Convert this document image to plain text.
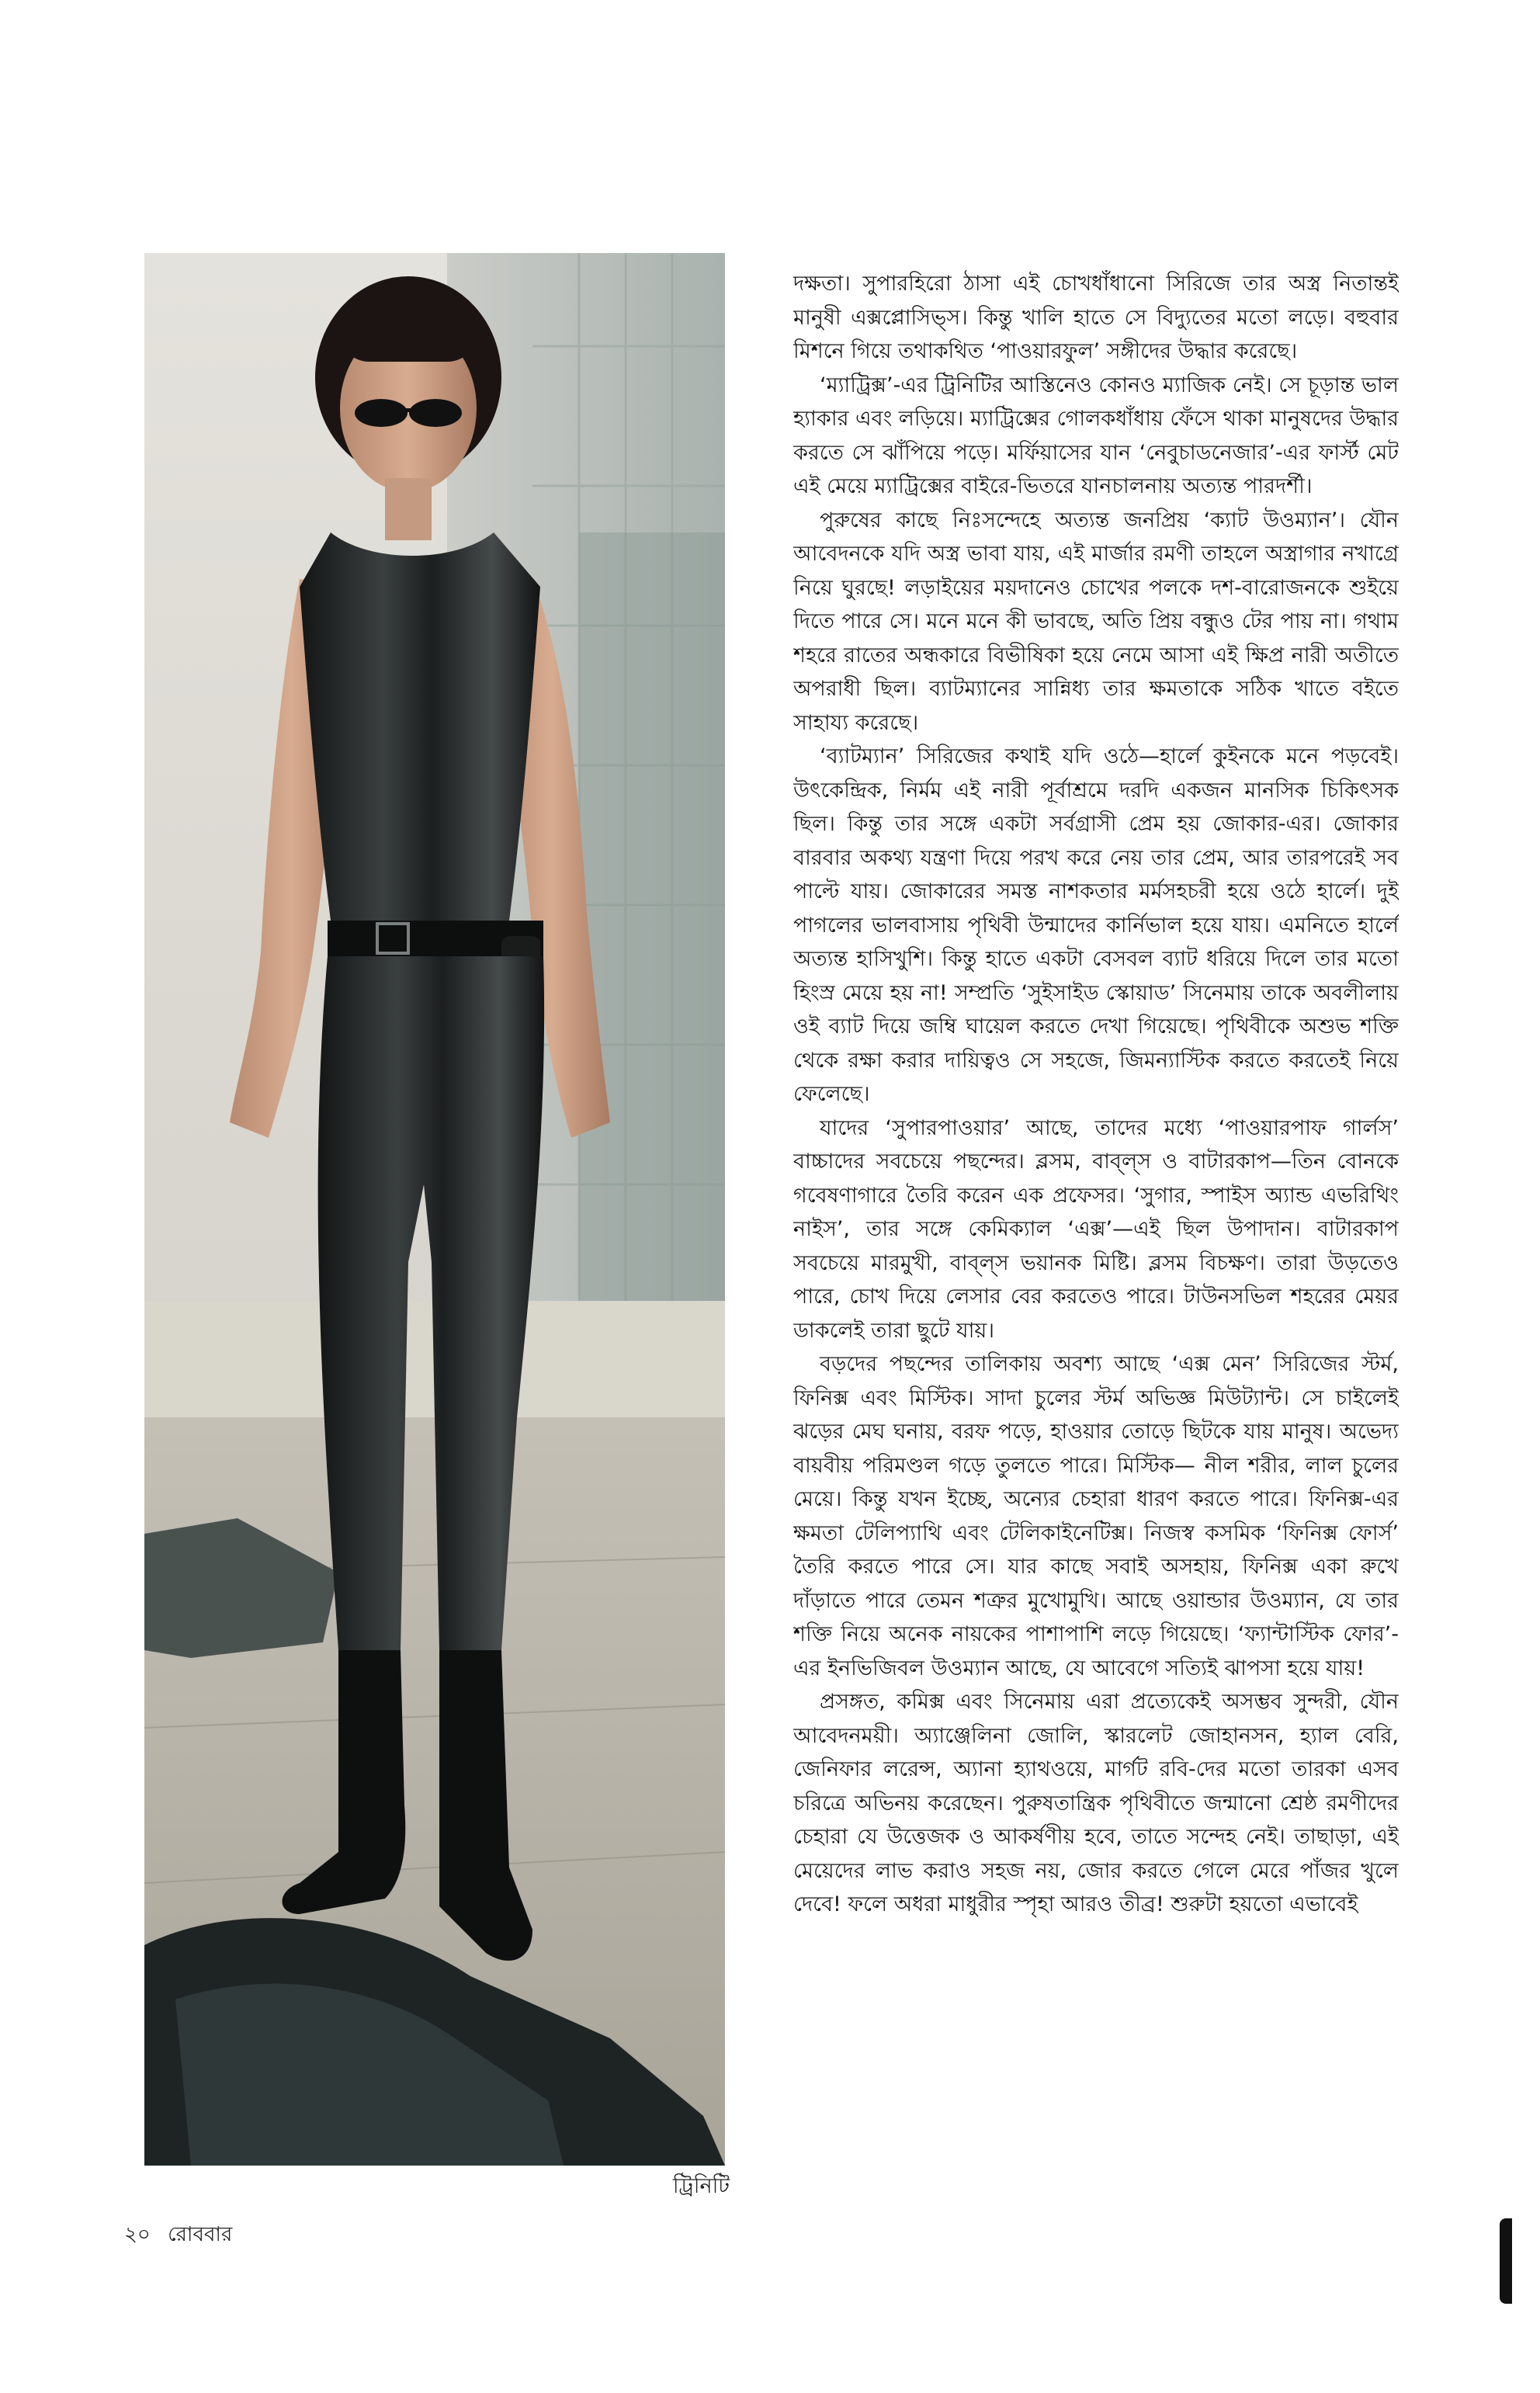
ট্রিনিটি

দক্ষতা। সুপারহিরো ঠাসা এই চোখধাঁধানো সিরিজে তার অস্ত্র নিতান্তই মানুষী এক্সপ্লোসিভ্স। কিন্তু খালি হাতে সে বিদ্যুতের মতো লড়ে। বহুবার মিশনে গিয়ে তথাকথিত ‘পাওয়ারফুল’ সঙ্গীদের উদ্ধার করেছে।

‘ম্যাট্রিক্স’-এর ট্রিনিটির আস্তিনেও কোনও ম্যাজিক নেই। সে চূড়ান্ত ভাল হ্যাকার এবং লড়িয়ে। ম্যাট্রিক্সের গোলকধাঁধায় ফেঁসে থাকা মানুষদের উদ্ধার করতে সে ঝাঁপিয়ে পড়ে। মর্ফিয়াসের যান ‘নেবুচাডনেজার’-এর ফার্স্ট মেট এই মেয়ে ম্যাট্রিক্সের বাইরে-ভিতরে যানচালনায় অত্যন্ত পারদর্শী।

পুরুষের কাছে নিঃসন্দেহে অত্যন্ত জনপ্রিয় ‘ক্যাট উওম্যান’। যৌন আবেদনকে যদি অস্ত্র ভাবা যায়, এই মার্জার রমণী তাহলে অস্ত্রাগার নখাগ্রে নিয়ে ঘুরছে! লড়াইয়ের ময়দানেও চোখের পলকে দশ-বারোজনকে শুইয়ে দিতে পারে সে। মনে মনে কী ভাবছে, অতি প্রিয় বন্ধুও টের পায় না। গথাম শহরে রাতের অন্ধকারে বিভীষিকা হয়ে নেমে আসা এই ক্ষিপ্র নারী অতীতে অপরাধী ছিল। ব্যাটম্যানের সান্নিধ্য তার ক্ষমতাকে সঠিক খাতে বইতে সাহায্য করেছে।

‘ব্যাটম্যান’ সিরিজের কথাই যদি ওঠে—হার্লে কুইনকে মনে পড়বেই। উৎকেন্দ্রিক, নির্মম এই নারী পূর্বাশ্রমে দরদি একজন মানসিক চিকিৎসক ছিল। কিন্তু তার সঙ্গে একটা সর্বগ্রাসী প্রেম হয় জোকার-এর। জোকার বারবার অকথ্য যন্ত্রণা দিয়ে পরখ করে নেয় তার প্রেম, আর তারপরেই সব পাল্টে যায়। জোকারের সমস্ত নাশকতার মর্মসহচরী হয়ে ওঠে হার্লে। দুই পাগলের ভালবাসায় পৃথিবী উন্মাদের কার্নিভাল হয়ে যায়। এমনিতে হার্লে অত্যন্ত হাসিখুশি। কিন্তু হাতে একটা বেসবল ব্যাট ধরিয়ে দিলে তার মতো হিংস্র মেয়ে হয় না! সম্প্রতি ‘সুইসাইড স্কোয়াড’ সিনেমায় তাকে অবলীলায় ওই ব্যাট দিয়ে জম্বি ঘায়েল করতে দেখা গিয়েছে। পৃথিবীকে অশুভ শক্তি থেকে রক্ষা করার দায়িত্বও সে সহজে, জিমন্যাস্টিক করতে করতেই নিয়ে ফেলেছে।

যাদের ‘সুপারপাওয়ার’ আছে, তাদের মধ্যে ‘পাওয়ারপাফ গার্লস’ বাচ্চাদের সবচেয়ে পছন্দের। ব্লসম, বাব্‌ল্স ও বাটারকাপ—তিন বোনকে গবেষণাগারে তৈরি করেন এক প্রফেসর। ‘সুগার, স্পাইস অ্যান্ড এভরিথিং নাইস’, তার সঙ্গে কেমিক্যাল ‘এক্স’—এই ছিল উপাদান। বাটারকাপ সবচেয়ে মারমুখী, বাব্‌ল্স ভয়ানক মিষ্টি। ব্লসম বিচক্ষণ। তারা উড়তেও পারে, চোখ দিয়ে লেসার বের করতেও পারে। টাউনসভিল শহরের মেয়র ডাকলেই তারা ছুটে যায়।

বড়দের পছন্দের তালিকায় অবশ্য আছে ‘এক্স মেন’ সিরিজের স্টর্ম, ফিনিক্স এবং মিস্টিক। সাদা চুলের স্টর্ম অভিজ্ঞ মিউট্যান্ট। সে চাইলেই ঝড়ের মেঘ ঘনায়, বরফ পড়ে, হাওয়ার তোড়ে ছিটকে যায় মানুষ। অভেদ্য বায়বীয় পরিমণ্ডল গড়ে তুলতে পারে। মিস্টিক— নীল শরীর, লাল চুলের মেয়ে। কিন্তু যখন ইচ্ছে, অন্যের চেহারা ধারণ করতে পারে। ফিনিক্স-এর ক্ষমতা টেলিপ্যাথি এবং টেলিকাইনেটিক্স। নিজস্ব কসমিক ‘ফিনিক্স ফোর্স’ তৈরি করতে পারে সে। যার কাছে সবাই অসহায়, ফিনিক্স একা রুখে দাঁড়াতে পারে তেমন শত্রুর মুখোমুখি। আছে ওয়ান্ডার উওম্যান, যে তার শক্তি নিয়ে অনেক নায়কের পাশাপাশি লড়ে গিয়েছে। ‘ফ্যান্টাস্টিক ফোর’-এর ইনভিজিবল উওম্যান আছে, যে আবেগে সত্যিই ঝাপসা হয়ে যায়!

প্রসঙ্গত, কমিক্স এবং সিনেমায় এরা প্রত্যেকেই অসম্ভব সুন্দরী, যৌন আবেদনময়ী। অ্যাঞ্জেলিনা জোলি, স্কারলেট জোহানসন, হ্যাল বেরি, জেনিফার লরেন্স, অ্যানা হ্যাথওয়ে, মার্গট রবি-দের মতো তারকা এসব চরিত্রে অভিনয় করেছেন। পুরুষতান্ত্রিক পৃথিবীতে জন্মানো শ্রেষ্ঠ রমণীদের চেহারা যে উত্তেজক ও আকর্ষণীয় হবে, তাতে সন্দেহ নেই। তাছাড়া, এই মেয়েদের লাভ করাও সহজ নয়, জোর করতে গেলে মেরে পাঁজর খুলে দেবে! ফলে অধরা মাধুরীর স্পৃহা আরও তীব্র! শুরুটা হয়তো এভাবেই

২০ রোববার
